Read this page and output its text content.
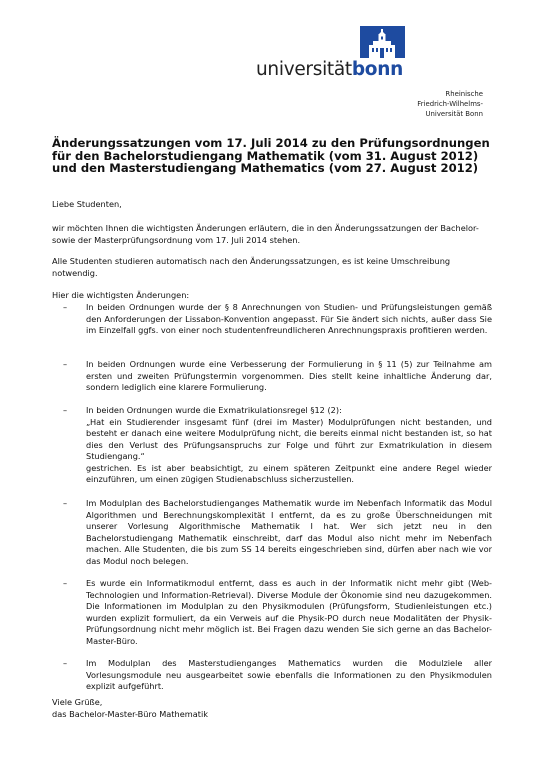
universitätbonn
Rheinische
Friedrich-Wilhelms-
Universität Bonn
Änderungssatzungen vom 17. Juli 2014 zu den Prüfungsordnungen für den Bachelorstudiengang Mathematik (vom 31. August 2012) und den Masterstudiengang Mathematics (vom 27. August 2012)

Liebe Studenten,

wir möchten Ihnen die wichtigsten Änderungen erläutern, die in den Änderungssatzungen der Bachelor- sowie der Masterprüfungsordnung vom 17. Juli 2014 stehen.

Alle Studenten studieren automatisch nach den Änderungssatzungen, es ist keine Umschreibung notwendig.

Hier die wichtigsten Änderungen:

– In beiden Ordnungen wurde der § 8 Anrechnungen von Studien- und Prüfungsleistungen gemäß den Anforderungen der Lissabon-Konvention angepasst. Für Sie ändert sich nichts, außer dass Sie im Einzelfall ggfs. von einer noch studentenfreundlicheren Anrechnungspraxis profitieren werden.
– In beiden Ordnungen wurde eine Verbesserung der Formulierung in § 11 (5) zur Teilnahme am ersten und zweiten Prüfungstermin vorgenommen. Dies stellt keine inhaltliche Änderung dar, sondern lediglich eine klarere Formulierung.
– In beiden Ordnungen wurde die Exmatrikulationsregel §12 (2):
„Hat ein Studierender insgesamt fünf (drei im Master) Modulprüfungen nicht bestanden, und besteht er danach eine weitere Modulprüfung nicht, die bereits einmal nicht bestanden ist, so hat dies den Verlust des Prüfungsanspruchs zur Folge und führt zur Exmatrikulation in diesem Studiengang.“
gestrichen. Es ist aber beabsichtigt, zu einem späteren Zeitpunkt eine andere Regel wieder einzuführen, um einen zügigen Studienabschluss sicherzustellen.
– Im Modulplan des Bachelorstudienganges Mathematik wurde im Nebenfach Informatik das Modul Algorithmen und Berechnungskomplexität I entfernt, da es zu große Überschneidungen mit unserer Vorlesung Algorithmische Mathematik I hat. Wer sich jetzt neu in den Bachelorstudiengang Mathematik einschreibt, darf das Modul also nicht mehr im Nebenfach machen. Alle Studenten, die bis zum SS 14 bereits eingeschrieben sind, dürfen aber nach wie vor das Modul noch belegen.
– Es wurde ein Informatikmodul entfernt, dass es auch in der Informatik nicht mehr gibt (Web-Technologien und Information-Retrieval). Diverse Module der Ökonomie sind neu dazugekommen. Die Informationen im Modulplan zu den Physikmodulen (Prüfungsform, Studienleistungen etc.) wurden explizit formuliert, da ein Verweis auf die Physik-PO durch neue Modalitäten der Physik-Prüfungsordnung nicht mehr möglich ist. Bei Fragen dazu wenden Sie sich gerne an das Bachelor-Master-Büro.
– Im Modulplan des Masterstudienganges Mathematics wurden die Modulziele aller Vorlesungsmodule neu ausgearbeitet sowie ebenfalls die Informationen zu den Physikmodulen explizit aufgeführt.
Viele Grüße,
das Bachelor-Master-Büro Mathematik
